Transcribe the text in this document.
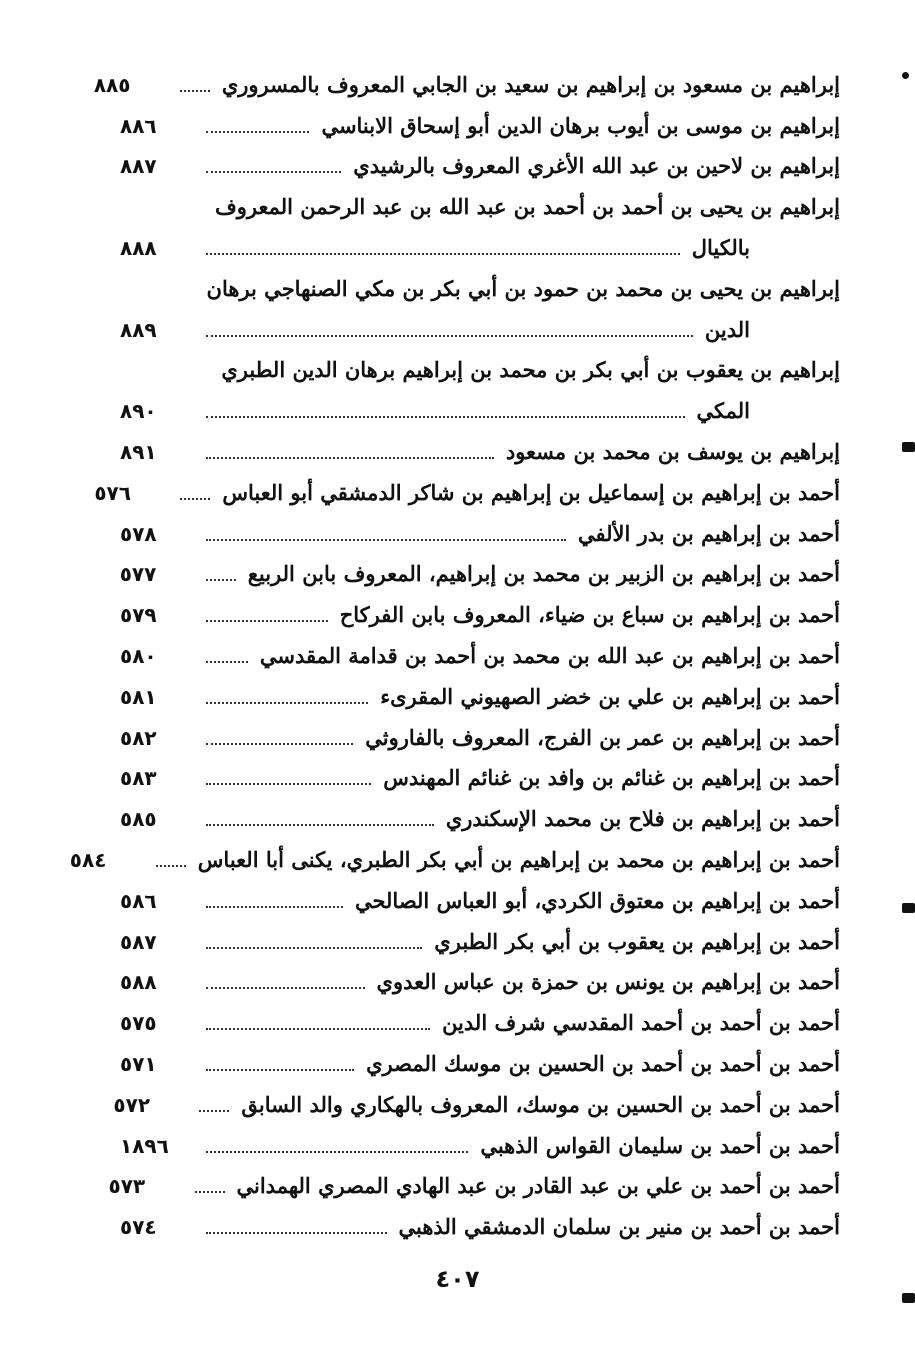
إبراهيم بن مسعود بن إبراهيم بن سعيد بن الجابي المعروف بالمسروري
٨٨٥
إبراهيم بن موسى بن أيوب برهان الدين أبو إسحاق الابناسي
٨٨٦
إبراهيم بن لاحين بن عبد الله الأغري المعروف بالرشيدي
٨٨٧
إبراهيم بن يحيى بن أحمد بن أحمد بن عبد الله بن عبد الرحمن المعروف
بالكيال
٨٨٨
إبراهيم بن يحيى بن محمد بن حمود بن أبي بكر بن مكي الصنهاجي برهان
الدين
٨٨٩
إبراهيم بن يعقوب بن أبي بكر بن محمد بن إبراهيم برهان الدين الطبري
المكي
٨٩٠
إبراهيم بن يوسف بن محمد بن مسعود
٨٩١
أحمد بن إبراهيم بن إسماعيل بن إبراهيم بن شاكر الدمشقي أبو العباس
٥٧٦
أحمد بن إبراهيم بن بدر الألفي
٥٧٨
أحمد بن إبراهيم بن الزبير بن محمد بن إبراهيم، المعروف بابن الربيع
٥٧٧
أحمد بن إبراهيم بن سباع بن ضياء، المعروف بابن الفركاح
٥٧٩
أحمد بن إبراهيم بن عبد الله بن محمد بن أحمد بن قدامة المقدسي
٥٨٠
أحمد بن إبراهيم بن علي بن خضر الصهيوني المقرىء
٥٨١
أحمد بن إبراهيم بن عمر بن الفرج، المعروف بالفاروثي
٥٨٢
أحمد بن إبراهيم بن غنائم بن وافد بن غنائم المهندس
٥٨٣
أحمد بن إبراهيم بن فلاح بن محمد الإسكندري
٥٨٥
أحمد بن إبراهيم بن محمد بن إبراهيم بن أبي بكر الطبري، يكنى أبا العباس
٥٨٤
أحمد بن إبراهيم بن معتوق الكردي، أبو العباس الصالحي
٥٨٦
أحمد بن إبراهيم بن يعقوب بن أبي بكر الطبري
٥٨٧
أحمد بن إبراهيم بن يونس بن حمزة بن عباس العدوي
٥٨٨
أحمد بن أحمد بن أحمد المقدسي شرف الدين
٥٧٥
أحمد بن أحمد بن أحمد بن الحسين بن موسك المصري
٥٧١
أحمد بن أحمد بن الحسين بن موسك، المعروف بالهكاري والد السابق
٥٧٢
أحمد بن أحمد بن سليمان القواس الذهبي
١٨٩٦
أحمد بن أحمد بن علي بن عبد القادر بن عبد الهادي المصري الهمداني
٥٧٣
أحمد بن أحمد بن منير بن سلمان الدمشقي الذهبي
٥٧٤
٤٠٧
